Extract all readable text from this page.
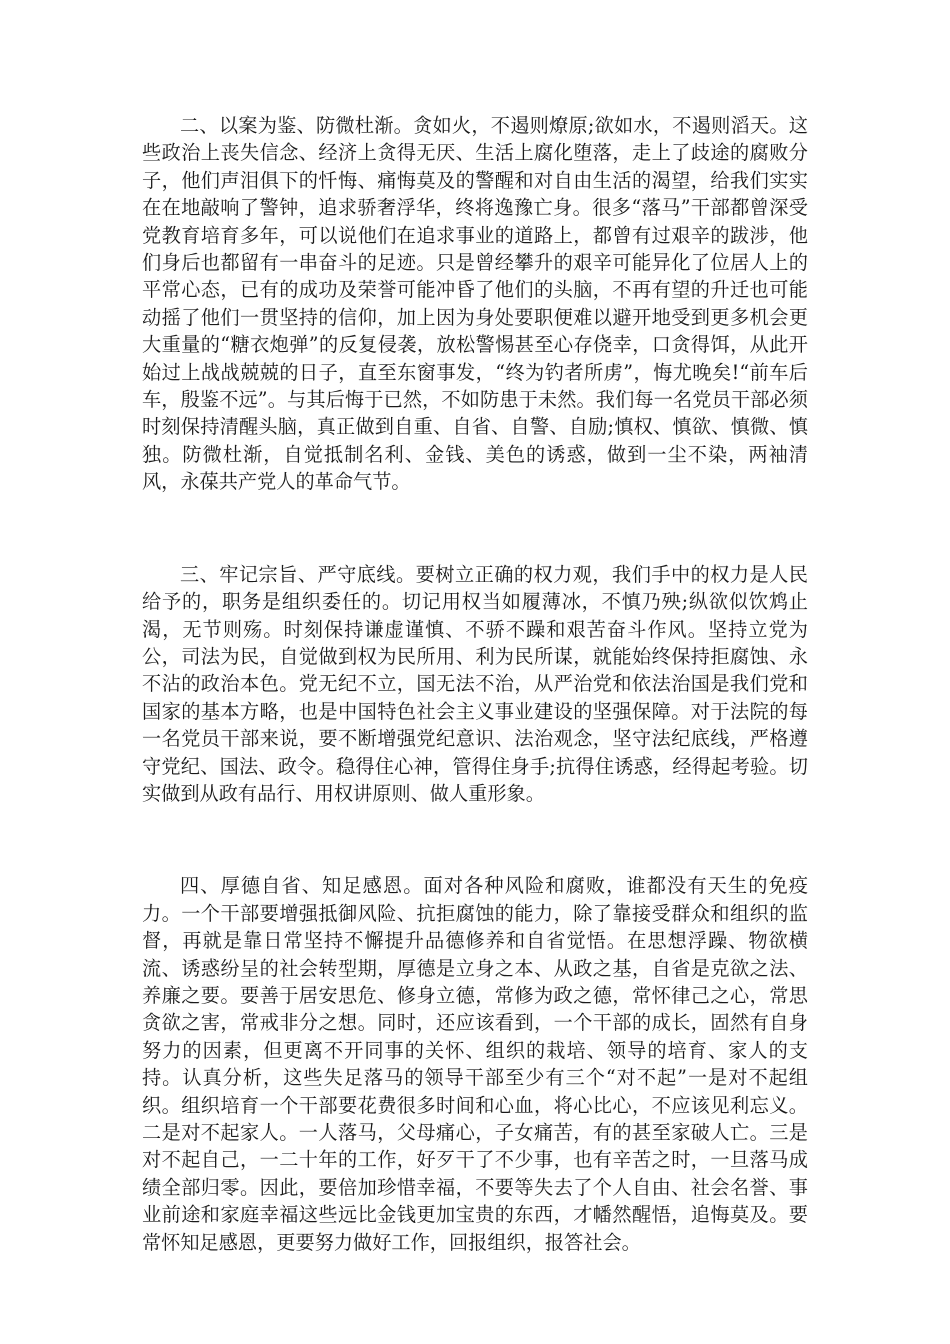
二、以案为鉴、防微杜渐。贪如火，不遏则燎原;欲如水，不遏则滔天。这些政治上丧失信念、经济上贪得无厌、生活上腐化堕落，走上了歧途的腐败分子，他们声泪俱下的忏悔、痛悔莫及的警醒和对自由生活的渴望，给我们实实在在地敲响了警钟，追求骄奢浮华，终将逸豫亡身。很多“落马”干部都曾深受党教育培育多年，可以说他们在追求事业的道路上，都曾有过艰辛的跋涉，他们身后也都留有一串奋斗的足迹。只是曾经攀升的艰辛可能异化了位居人上的平常心态，已有的成功及荣誉可能冲昏了他们的头脑，不再有望的升迁也可能动摇了他们一贯坚持的信仰，加上因为身处要职便难以避开地受到更多机会更大重量的“糖衣炮弹”的反复侵袭，放松警惕甚至心存侥幸，口贪得饵，从此开始过上战战兢兢的日子，直至东窗事发，“终为钓者所虏”，悔尤晚矣!“前车后车，殷鉴不远”。与其后悔于已然，不如防患于未然。我们每一名党员干部必须时刻保持清醒头脑，真正做到自重、自省、自警、自励;慎权、慎欲、慎微、慎独。防微杜渐，自觉抵制名利、金钱、美色的诱惑，做到一尘不染，两袖清风，永葆共产党人的革命气节。

三、牢记宗旨、严守底线。要树立正确的权力观，我们手中的权力是人民给予的，职务是组织委任的。切记用权当如履薄冰，不慎乃殃;纵欲似饮鸩止渴，无节则殇。时刻保持谦虚谨慎、不骄不躁和艰苦奋斗作风。坚持立党为公，司法为民，自觉做到权为民所用、利为民所谋，就能始终保持拒腐蚀、永不沾的政治本色。党无纪不立，国无法不治，从严治党和依法治国是我们党和国家的基本方略，也是中国特色社会主义事业建设的坚强保障。对于法院的每一名党员干部来说，要不断增强党纪意识、法治观念，坚守法纪底线，严格遵守党纪、国法、政令。稳得住心神，管得住身手;抗得住诱惑，经得起考验。切实做到从政有品行、用权讲原则、做人重形象。

四、厚德自省、知足感恩。面对各种风险和腐败，谁都没有天生的免疫力。一个干部要增强抵御风险、抗拒腐蚀的能力，除了靠接受群众和组织的监督，再就是靠日常坚持不懈提升品德修养和自省觉悟。在思想浮躁、物欲横流、诱惑纷呈的社会转型期，厚德是立身之本、从政之基，自省是克欲之法、养廉之要。要善于居安思危、修身立德，常修为政之德，常怀律己之心，常思贪欲之害，常戒非分之想。同时，还应该看到，一个干部的成长，固然有自身努力的因素，但更离不开同事的关怀、组织的栽培、领导的培育、家人的支持。认真分析，这些失足落马的领导干部至少有三个“对不起”一是对不起组织。组织培育一个干部要花费很多时间和心血，将心比心，不应该见利忘义。二是对不起家人。一人落马，父母痛心，子女痛苦，有的甚至家破人亡。三是对不起自己，一二十年的工作，好歹干了不少事，也有辛苦之时，一旦落马成绩全部归零。因此，要倍加珍惜幸福，不要等失去了个人自由、社会名誉、事业前途和家庭幸福这些远比金钱更加宝贵的东西，才幡然醒悟，追悔莫及。要常怀知足感恩，更要努力做好工作，回报组织，报答社会。
